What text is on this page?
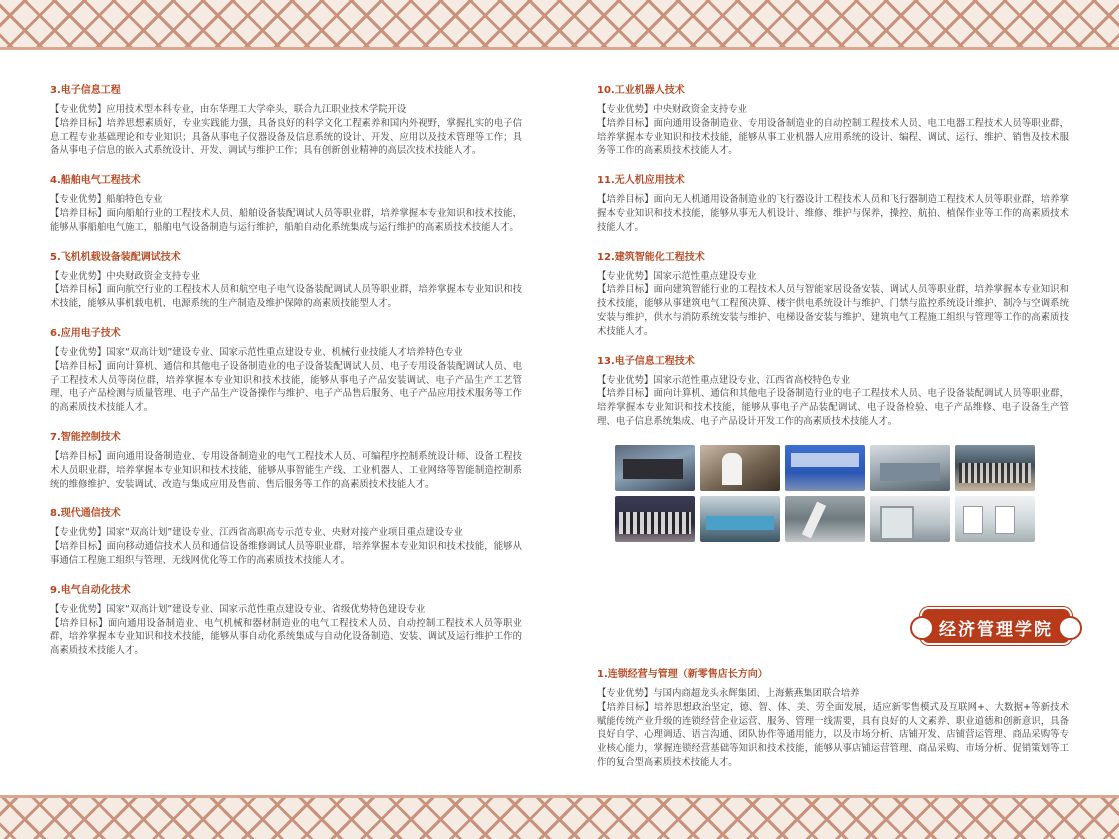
3.电子信息工程
【专业优势】应用技术型本科专业，由东华理工大学牵头，联合九江职业技术学院开设
【培养目标】培养思想素质好，专业实践能力强，具备良好的科学文化工程素养和国内外视野，掌握扎实的电子信息工程专业基础理论和专业知识；具备从事电子仪器设备及信息系统的设计、开发、应用以及技术管理等工作；具备从事电子信息的嵌入式系统设计、开发、调试与维护工作；具有创新创业精神的高层次技术技能人才。
4.船舶电气工程技术
【专业优势】船舶特色专业
【培养目标】面向船舶行业的工程技术人员、船舶设备装配调试人员等职业群，培养掌握本专业知识和技术技能，能够从事船舶电气施工，船舶电气设备制造与运行维护，船舶自动化系统集成与运行维护的高素质技术技能人才。
5.飞机机载设备装配调试技术
【专业优势】中央财政资金支持专业
【培养目标】面向航空行业的工程技术人员和航空电子电气设备装配调试人员等职业群，培养掌握本专业知识和技术技能，能够从事机载电机、电源系统的生产制造及维护保障的高素质技能型人才。
6.应用电子技术
【专业优势】国家“双高计划”建设专业、国家示范性重点建设专业、机械行业技能人才培养特色专业
【培养目标】面向计算机、通信和其他电子设备制造业的电子设备装配调试人员、电子专用设备装配调试人员、电子工程技术人员等岗位群，培养掌握本专业知识和技术技能，能够从事电子产品安装调试、电子产品生产工艺管理、电子产品检测与质量管理、电子产品生产设备操作与维护、电子产品售后服务、电子产品应用技术服务等工作的高素质技术技能人才。
7.智能控制技术
【培养目标】面向通用设备制造业、专用设备制造业的电气工程技术人员、可编程序控制系统设计师、设备工程技术人员职业群，培养掌握本专业知识和技术技能，能够从事智能生产线、工业机器人、工业网络等智能制造控制系统的维修维护、安装调试、改造与集成应用及售前、售后服务等工作的高素质技术技能人才。
8.现代通信技术
【专业优势】国家“双高计划”建设专业、江西省高职高专示范专业、央财对接产业项目重点建设专业
【培养目标】面向移动通信技术人员和通信设备维修调试人员等职业群，培养掌握本专业知识和技术技能，能够从事通信工程施工组织与管理、无线网优化等工作的高素质技术技能人才。
9.电气自动化技术
【专业优势】国家“双高计划”建设专业、国家示范性重点建设专业、省级优势特色建设专业
【培养目标】面向通用设备制造业、电气机械和器材制造业的电气工程技术人员、自动控制工程技术人员等职业群，培养掌握本专业知识和技术技能，能够从事自动化系统集成与自动化设备制造、安装、调试及运行维护工作的高素质技术技能人才。
10.工业机器人技术
【专业优势】中央财政资金支持专业
【培养目标】面向通用设备制造业、专用设备制造业的自动控制工程技术人员、电工电器工程技术人员等职业群，培养掌握本专业知识和技术技能，能够从事工业机器人应用系统的设计、编程、调试、运行、维护、销售及技术服务等工作的高素质技术技能人才。
11.无人机应用技术
【培养目标】面向无人机通用设备制造业的飞行器设计工程技术人员和飞行器制造工程技术人员等职业群，培养掌握本专业知识和技术技能，能够从事无人机设计、维修、维护与保养，操控、航拍、植保作业等工作的高素质技术技能人才。
12.建筑智能化工程技术
【专业优势】国家示范性重点建设专业
【培养目标】面向建筑智能行业的工程技术人员与智能家居设备安装、调试人员等职业群，培养掌握本专业知识和技术技能，能够从事建筑电气工程预决算、楼宇供电系统设计与维护、门禁与监控系统设计维护、制冷与空调系统安装与维护，供水与消防系统安装与维护、电梯设备安装与维护、建筑电气工程施工组织与管理等工作的高素质技术技能人才。
13.电子信息工程技术
【专业优势】国家示范性重点建设专业、江西省高校特色专业
【培养目标】面向计算机、通信和其他电子设备制造行业的电子工程技术人员、电子设备装配调试人员等职业群，培养掌握本专业知识和技术技能，能够从事电子产品装配调试、电子设备检验、电子产品维修、电子设备生产管理、电子信息系统集成、电子产品设计开发工作的高素质技术技能人才。
经济管理学院
1.连锁经营与管理（新零售店长方向）
【专业优势】与国内商超龙头永辉集团、上海紫燕集团联合培养
【培养目标】培养思想政治坚定，德、智、体、美、劳全面发展，适应新零售模式及互联网+、大数据+等新技术赋能传统产业升级的连锁经营企业运营、服务、管理一线需要，具有良好的人文素养、职业道德和创新意识，具备良好自学、心理调适、语言沟通、团队协作等通用能力，以及市场分析、店铺开发、店铺营运管理、商品采购等专业核心能力，掌握连锁经营基础等知识和技术技能，能够从事店铺运营管理、商品采购、市场分析、促销策划等工作的复合型高素质技术技能人才。
